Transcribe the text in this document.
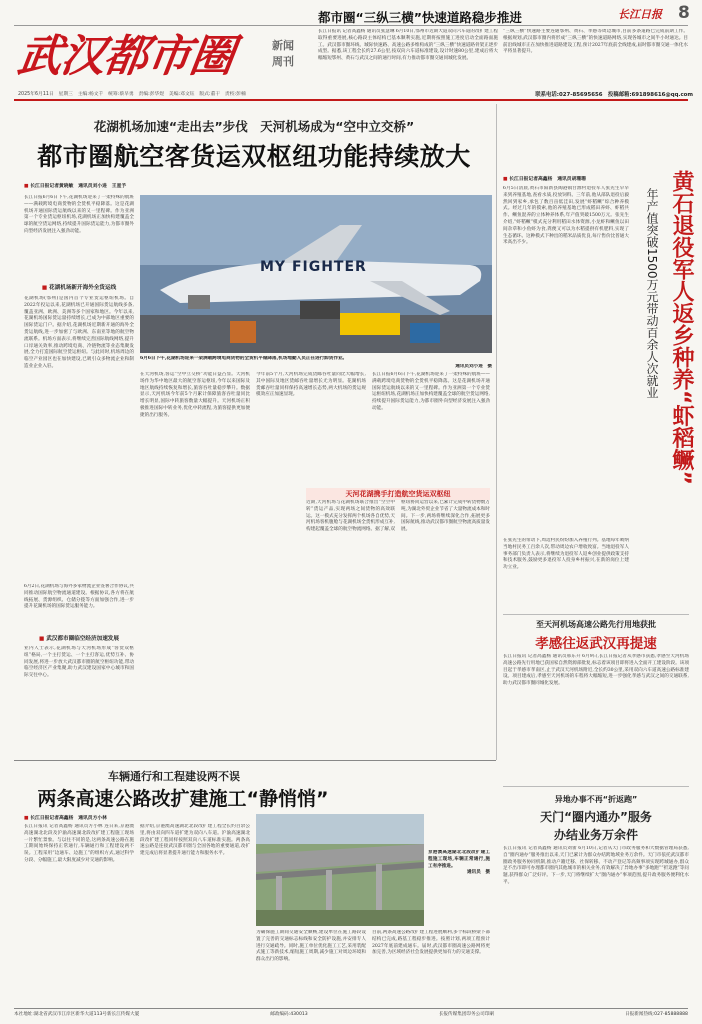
都市圈“三纵三横”快速道路稳步推进	长江日报 8
长江日报讯 记者高鑫杨 通讯员张慧琳 6月10日,鄂州市近期大道双向六车道的改扩建工程取得重要进展,核心路段主体结构已基本顺利实施,近期将按照施工进度启动全面路面施工。武汉都市圈环线、城际快速路、高速公路多维构成的“三纵三横”快速道路骨架正逐步成型。据悉,该工程全长约27.6公里,按双向六车道标准建设,设计时速80公里,建成后将大幅缩短鄂州、黄石与武汉之间的通行时间,有力推动都市圈交通同城化发展。
“三纵三横”快速路主要连通鄂州、黄石、孝感等周边城市,目前多条道路已完成前期工作。根据规划,武汉都市圈内将形成“三纵三横”的快速道路网络,实现各城市之间半小时通达。目前沿线城市正在加快推进道路建设工程,预计2027年底前全线建成,届时都市圈交通一体化水平将显著提升。
武汉都市圈	新闻
周刊
2025年6月11日　星期三　主编:杨文千　统筹:蔡早勇　责编:彭华煜　美编:邓文钰　版式:董干　责校:彭楠	联系电话:027-85695656　投稿邮箱:691898616@qq.com
花湖机场加速“走出去”步伐　天河机场成为“空中立交桥”
都市圈航空客货运双枢纽功能持续放大
■ 长江日报记者黄晓敏　通讯员刘小进　王星予
长江日报6月6日下午,花湖机场迎来了一架特殊的航班——满载跨境电商货物的全货机平稳降落。这是花湖机场开通国际货运航线以来的又一里程碑。作为亚洲第一个专业货运枢纽机场,花湖机场正加快构建覆盖全球的航空货运网络,持续提升国际货运能力,为都市圈外向型经济发展注入强劲动能。
■ 花湖机场新开海外全货运线
花湖机场(鄂州)是国内首个专业货运枢纽机场。自2022年投运以来,花湖机场已开通国际货运航线多条,覆盖亚洲、欧洲、美洲等多个国家和地区。今年以来,花湖机场国际货运量持续增长,已成为中部地区重要的国际货运门户。据介绍,花湖机场近期新开通的海外全货运航线,进一步加密了与欧洲、东南亚等地的航空物流联系。机场方面表示,将继续完善国际航线网络,提升口岸通关效率,推动跨境电商、冷链物流等业态集聚发展,全力打造国际航空货运枢纽。与此同时,机场周边的临空产业园区也在加快建设,已吸引众多物流企业和制造业企业入驻。
6月2日,花湖机场与海外多家物流企业签署合作协议,共同推动国际航空物流通道建设。根据协议,各方将在航线拓展、货源组织、仓储分拨等方面加强合作,进一步提升花湖机场的国际货运服务能力。
■ 武汉都市圈临空经济加速发展
业内人士表示,花湖机场与天河机场形成“客货双枢纽”格局,一个主打货运、一个主打客运,优势互补、协同发展,将进一步放大武汉都市圈的航空枢纽功能,带动临空经济区产业集聚,助力武汉建设国家中心城市和国际交往中心。
MY FIGHTER
6月6日下午,花湖机场迎来一架满载跨境电商货物的全货机平稳降落,机场地勤人员正在进行卸货作业。
通讯员刘小进　摄
在天河机场,客运“空中立交桥”功能日益凸显。天河机场作为华中地区最大的航空客运枢纽,今年以来国际及地区航线持续恢复和增长,旅客吞吐量稳步攀升。数据显示,天河机场今年前5个月累计保障旅客吞吐量同比增长明显,国际中转旅客数量大幅提升。天河机场正积极推进国际中转业务,优化中转流程,为旅客提供更加便捷的出行服务。
今年前5个月,天河机场完成货邮吞吐量同比大幅增长,其中国际及地区货邮吞吐量增长尤为明显。花湖机场货邮吞吐量同样保持高速增长态势,两大机场的货运规模效应正加速显现。
长江日报6月6日下午,花湖机场迎来了一架特殊的航班——满载跨境电商货物的全货机平稳降落。这是花湖机场开通国际货运航线以来的又一里程碑。作为亚洲第一个专业货运枢纽机场,花湖机场正加快构建覆盖全球的航空货运网络,持续提升国际货运能力,为都市圈外向型经济发展注入强劲动能。
天河花湖携手打造航空货运双枢纽
近期,天河机场与花湖机场联合推出“空空中转”货运产品,实现两场之间货物的高效联运。这一模式充分发挥两个机场各自优势,天河机场客机腹舱与花湖机场全货机形成互补,构建起覆盖全球的航空物流网络。据了解,双枢纽协同运营以来,已累计完成中转货物数万吨,为湖北外贸企业节省了大量物流成本和时间。下一步,两场将继续深化合作,拓展更多国际航线,推动武汉都市圈航空物流高质量发展。
■ 长江日报记者高鑫杨　通讯员胡珊珊
6月5日清晨,黄石市阳新县陶港镇甘源村退役军人张先生早早来到养殖基地,查看水质,投放饲料。三年前,他从部队退役后毅然回到家乡,承包了数百亩低洼田,发展“虾稻鳜”综合种养模式。经过几年的摸索,他的养殖基地已形成稻田养虾、虾稻共作、鳜鱼混养的立体种养体系,年产值突破1500万元。张先生介绍,“虾稻鳜”模式充分利用稻田水体资源,小龙虾和鳜鱼以田间杂草和小鱼虾为食,粪便又可以为水稻提供有机肥料,实现了生态循环。这种模式下种出的稻米品质优良,每斤售价比普通大米高出不少。
在张先生的带动下,周边村民纷纷加入养殖行列。基地每年吸纳当地村民务工百余人次,带动周边农户增收致富。当地退役军人事务部门负责人表示,将继续为退役军人返乡创业提供政策支持和技术服务,鼓励更多退役军人投身乡村振兴,在新的岗位上建功立业。
黄石退役军人返乡种养“虾稻鳜”
年产值突破1500万元带动百余人次就业
至天河机场高速公路先行用地获批
孝感往返武汉再提速
长江日报讯 记者高鑫杨 通讯员邢东升 6月9日,长江日报记者从孝感市获悉,孝感至天河机场高速公路先行用地已获国家自然资源部批复,标志着该项目即将进入全面开工建设阶段。该项目起于孝感市孝南区,止于武汉天河机场附近,全长约30公里,采用双向六车道高速公路标准建设。项目建成后,孝感至天河机场的车程将大幅缩短,进一步强化孝感与武汉之间的交通联系,助力武汉都市圈同城化发展。
异地办事不再“折返跑”
天门“圈内通办”服务
办结业务万余件
长江日报讯 记者高鑫杨 通讯员刘蕾 6月10日,记者从天门市政务服务和大数据管理局获悉,自“圈内通办”服务推出以来,天门已累计为群众办结跨地域业务万余件。天门市依托武汉都市圈政务服务协同机制,推动户籍迁移、社保转移、不动产登记等高频事项实现跨城通办,群众足不出市即可办理都市圈内其他城市的相关业务,有效解决了异地办事“多地跑”“折返跑”等问题,获得群众广泛好评。下一步,天门将继续扩大“圈内通办”事项范围,提升政务服务便利化水平。
车辆通行和工程建设两不误
两条高速公路改扩建施工“静悄悄”
■ 长江日报记者高鑫杨　通讯员方小林
长江日报讯 记者高鑫杨 通讯员方小林 连日来,京港澳高速湖北北段及沪渝高速湖北段改扩建工程施工现场一片繁忙景象。与以往不同的是,这两条高速公路在施工期间始终保持正常通行,车辆通行和工程建设两不误。工程采用“边通车、边施工”的组织方式,通过科学分段、分幅施工,最大限度减少对交通的影响。
据介绍,京港澳高速湖北北段改扩建工程全长约百余公里,将由双向四车道扩建为双向八车道。沪渝高速湖北段改扩建工程同样按照双向八车道标准实施。两条高速公路是连接武汉都市圈与全国各地的重要通道,改扩建完成后将显著提升通行能力和服务水平。	京港澳高速湖北北段改扩建工程施工现场,车辆正常通行,施工有序推进。
通讯员　摄
为确保施工期间交通安全顺畅,建设单位在施工路段设置了完善的交通标志标线和安全防护设施,并安排专人进行交通疏导。同时,施工单位优化施工工艺,采用装配式施工等新技术,缩短施工周期,减少施工对周边环境和群众出行的影响。
目前,两条高速公路改扩建工程进展顺利,多个标段桥梁下部结构已完成,路基工程稳步推进。按照计划,两项工程预计2027年底前建成通车。届时,武汉都市圈高速公路网将更加完善,为区域经济社会发展提供更加有力的交通支撑。
本社地址:湖北省武汉市江岸区新华大道113号新长江传媒大厦	邮政编码:430013	长报传媒集团印务公司印刷	日报新闻热线:027-85888888
